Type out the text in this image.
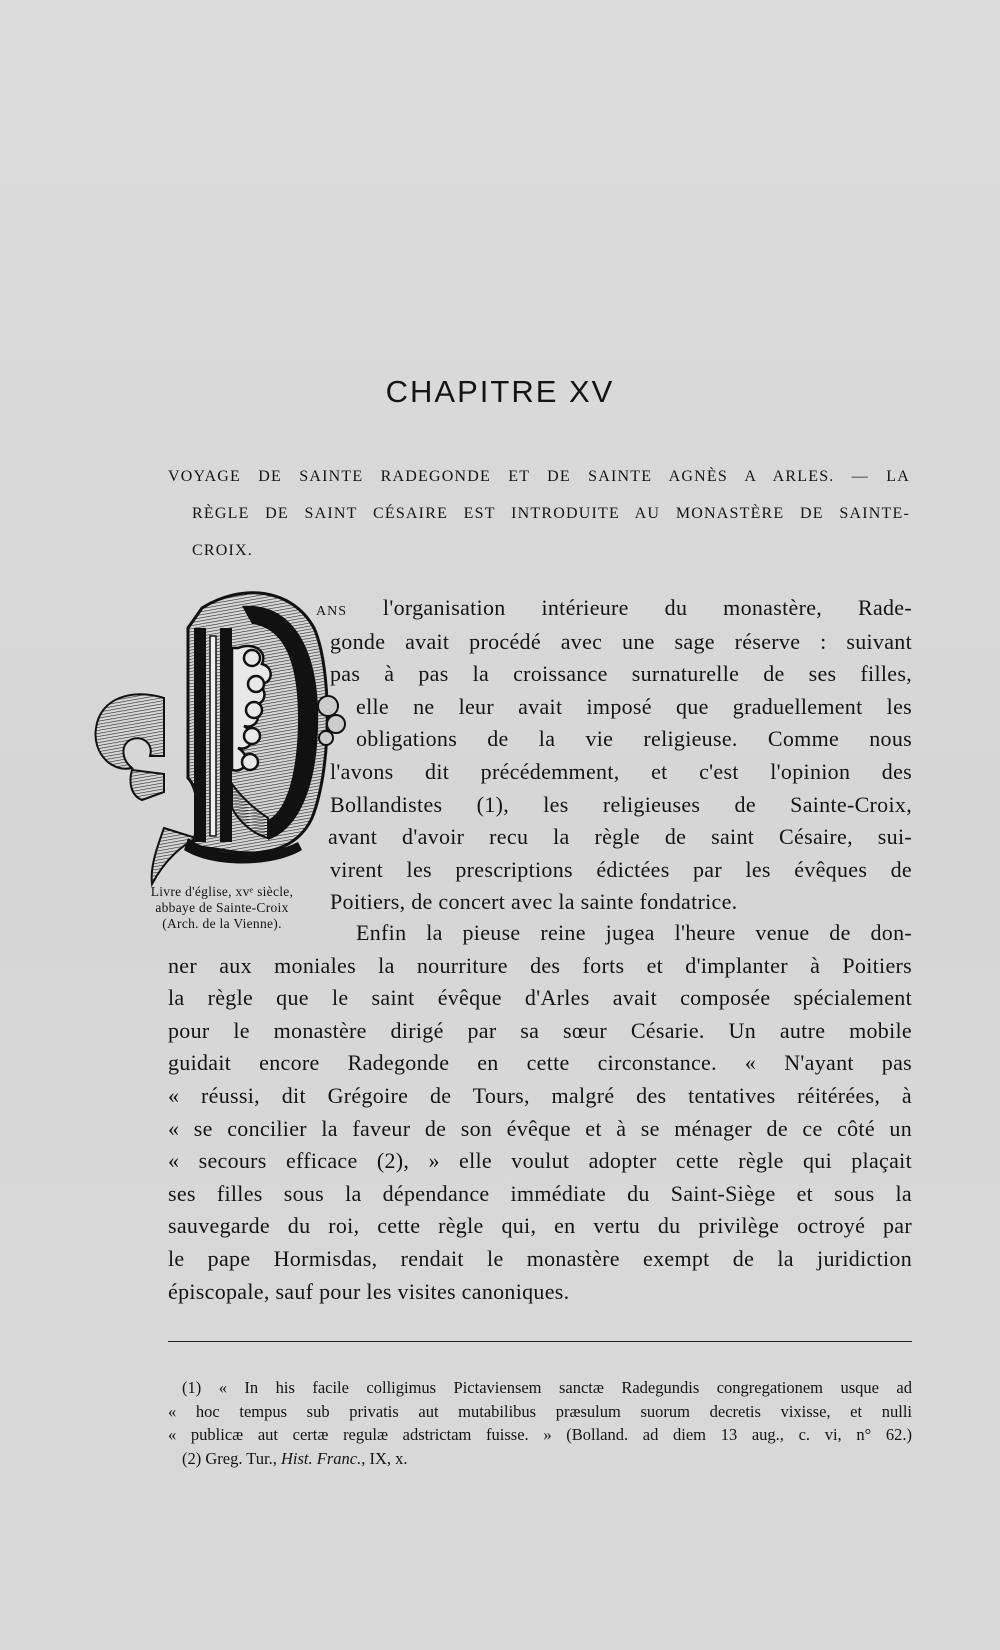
CHAPITRE XV
VOYAGE DE SAINTE RADEGONDE ET DE SAINTE AGNÈS A ARLES. — LA
RÈGLE DE SAINT CÉSAIRE EST INTRODUITE AU MONASTÈRE DE SAINTE-
CROIX.
Livre d'église, xvᵉ siècle,
abbaye de Sainte-Croix
(Arch. de la Vienne).
ans l'organisation intérieure du monastère, Rade-
gonde avait procédé avec une sage réserve : suivant
pas à pas la croissance surnaturelle de ses filles,
elle ne leur avait imposé que graduellement les
obligations de la vie religieuse. Comme nous
l'avons dit précédemment, et c'est l'opinion des
Bollandistes (1), les religieuses de Sainte-Croix,
avant d'avoir recu la règle de saint Césaire, sui-
virent les prescriptions édictées par les évêques de
Poitiers, de concert avec la sainte fondatrice.
Enfin la pieuse reine jugea l'heure venue de don-
ner aux moniales la nourriture des forts et d'implanter à Poitiers
la règle que le saint évêque d'Arles avait composée spécialement
pour le monastère dirigé par sa sœur Césarie. Un autre mobile
guidait encore Radegonde en cette circonstance. « N'ayant pas
« réussi, dit Grégoire de Tours, malgré des tentatives réitérées, à
« se concilier la faveur de son évêque et à se ménager de ce côté un
« secours efficace (2), » elle voulut adopter cette règle qui plaçait
ses filles sous la dépendance immédiate du Saint-Siège et sous la
sauvegarde du roi, cette règle qui, en vertu du privilège octroyé par
le pape Hormisdas, rendait le monastère exempt de la juridiction
épiscopale, sauf pour les visites canoniques.
(1) « In his facile colligimus Pictaviensem sanctæ Radegundis congregationem usque ad
« hoc tempus sub privatis aut mutabilibus præsulum suorum decretis vixisse, et nulli
« publicæ aut certæ regulæ adstrictam fuisse. » (Bolland. ad diem 13 aug., c. vi, n° 62.)
(2) Greg. Tur., Hist. Franc., IX, x.
